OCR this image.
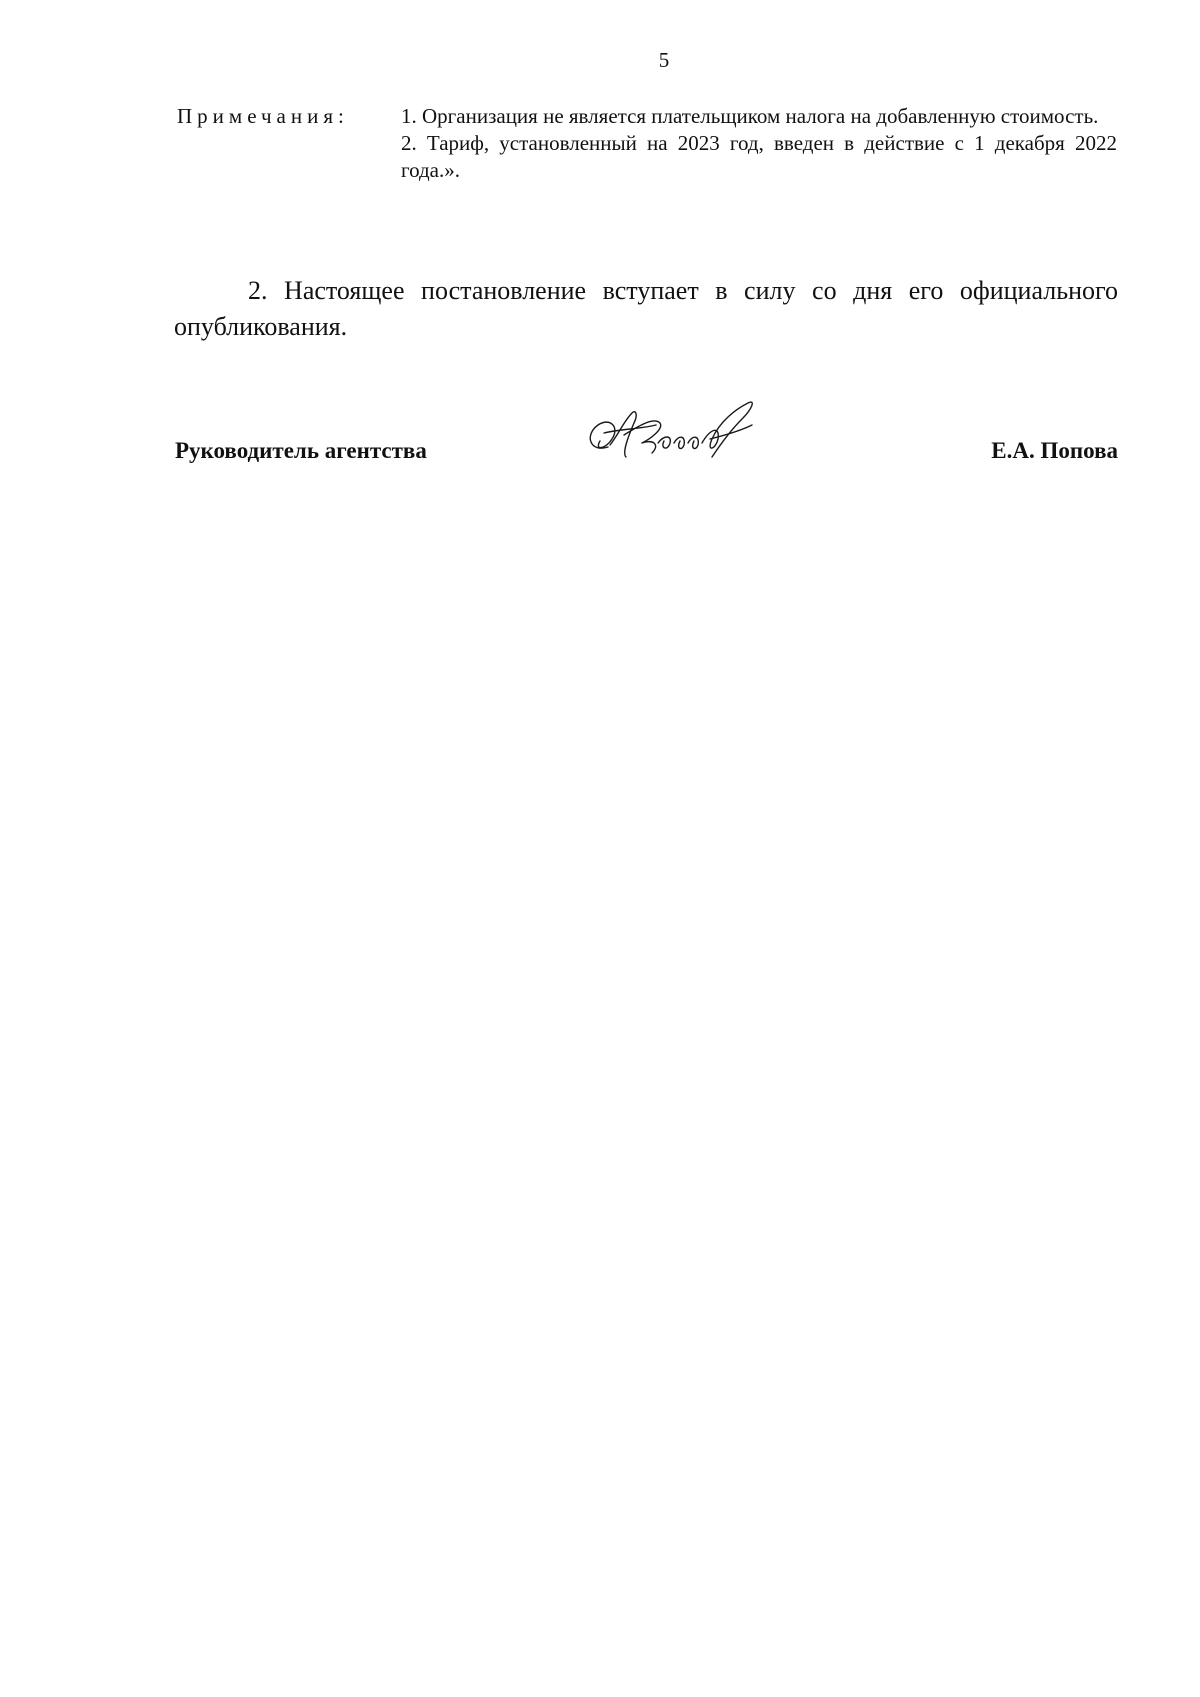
5
Примечания:	1. Организация не является плательщиком налога на добавленную стоимость.

2. Тариф, установленный на 2023 год, введен в действие с 1 декабря 2022 года.».

2. Настоящее постановление вступает в силу со дня его официального опубликования.

Руководитель агентства	Е.А. Попова
